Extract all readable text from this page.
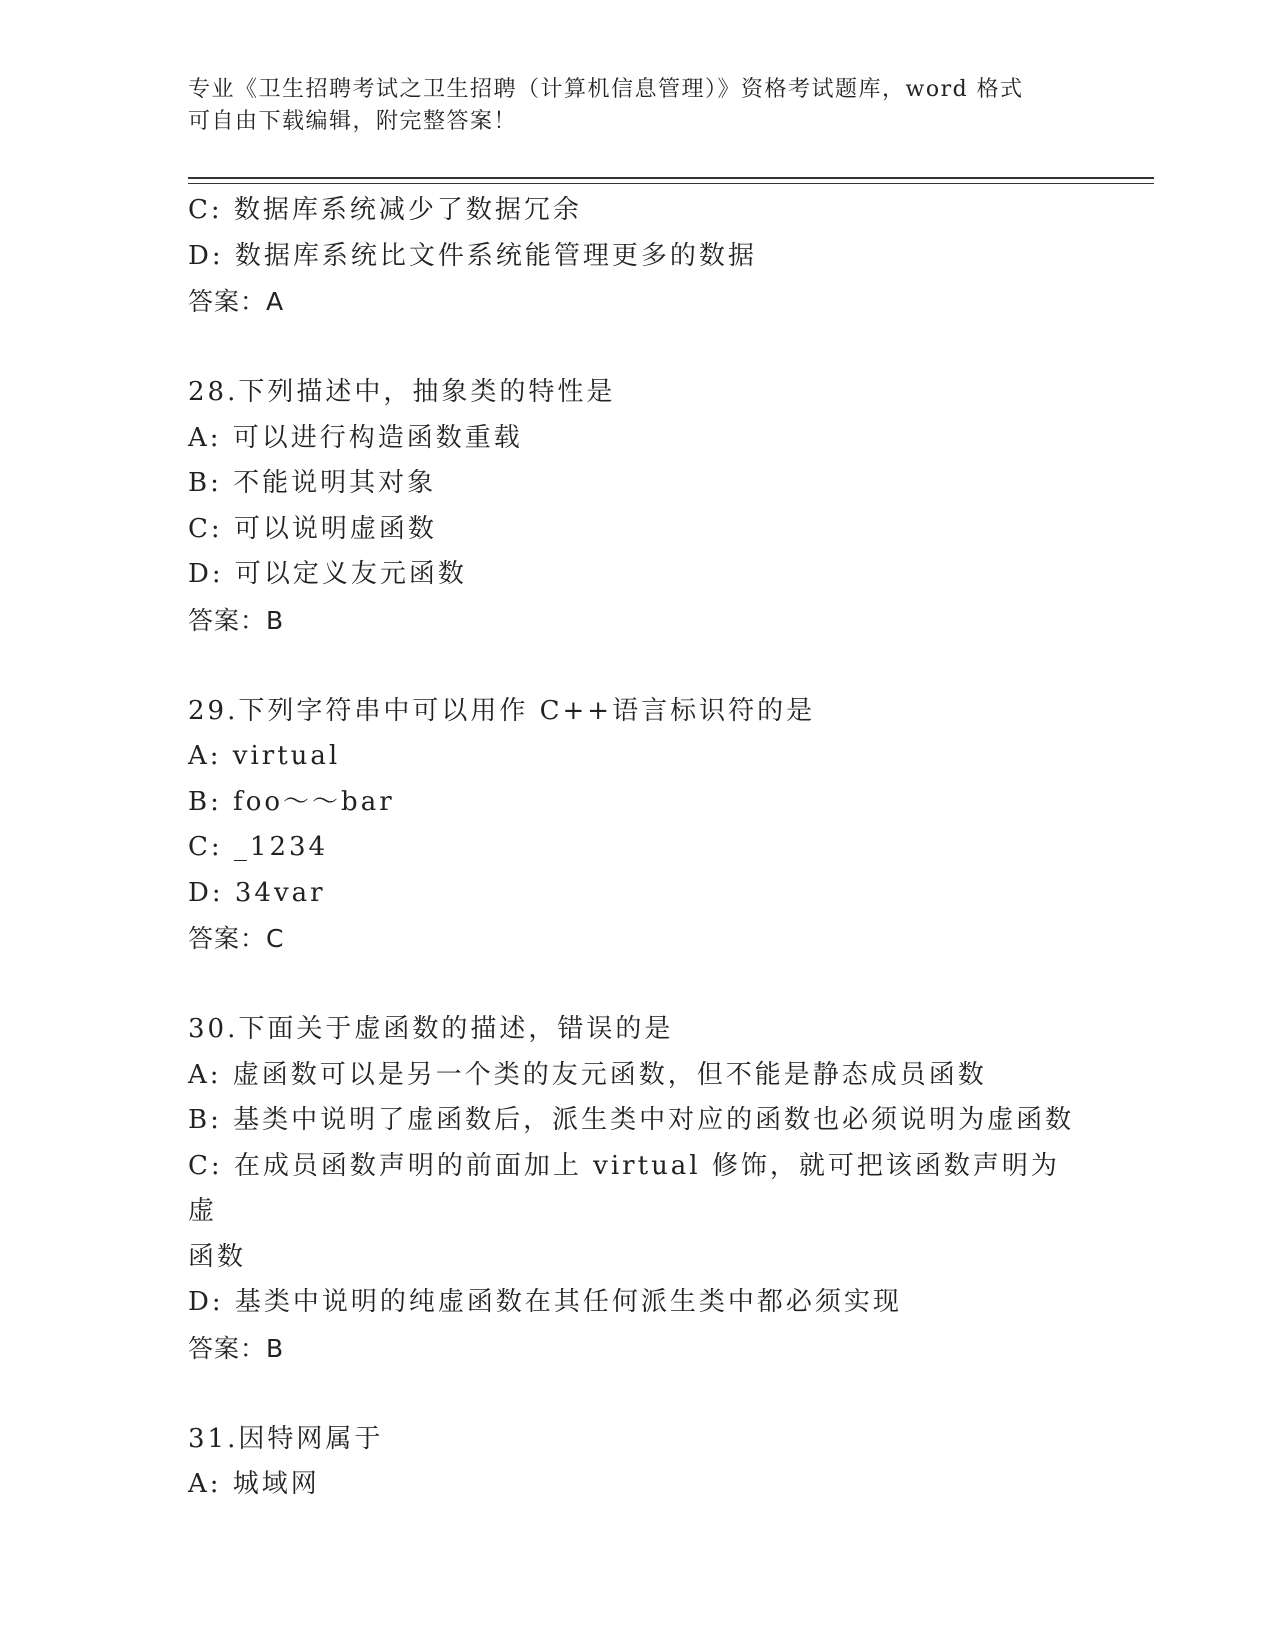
专业《卫生招聘考试之卫生招聘（计算机信息管理）》资格考试题库，word 格式
可自由下载编辑，附完整答案！
C: 数据库系统减少了数据冗余
D: 数据库系统比文件系统能管理更多的数据
答案：A
28.下列描述中，抽象类的特性是
A: 可以进行构造函数重载
B: 不能说明其对象
C: 可以说明虚函数
D: 可以定义友元函数
答案：B
29.下列字符串中可以用作 C++语言标识符的是
A: virtual
B: foo～～bar
C: _1234
D: 34var
答案：C
30.下面关于虚函数的描述，错误的是
A: 虚函数可以是另一个类的友元函数，但不能是静态成员函数
B: 基类中说明了虚函数后，派生类中对应的函数也必须说明为虚函数
C: 在成员函数声明的前面加上 virtual 修饰，就可把该函数声明为虚
函数
D: 基类中说明的纯虚函数在其任何派生类中都必须实现
答案：B
31.因特网属于
A: 城域网
